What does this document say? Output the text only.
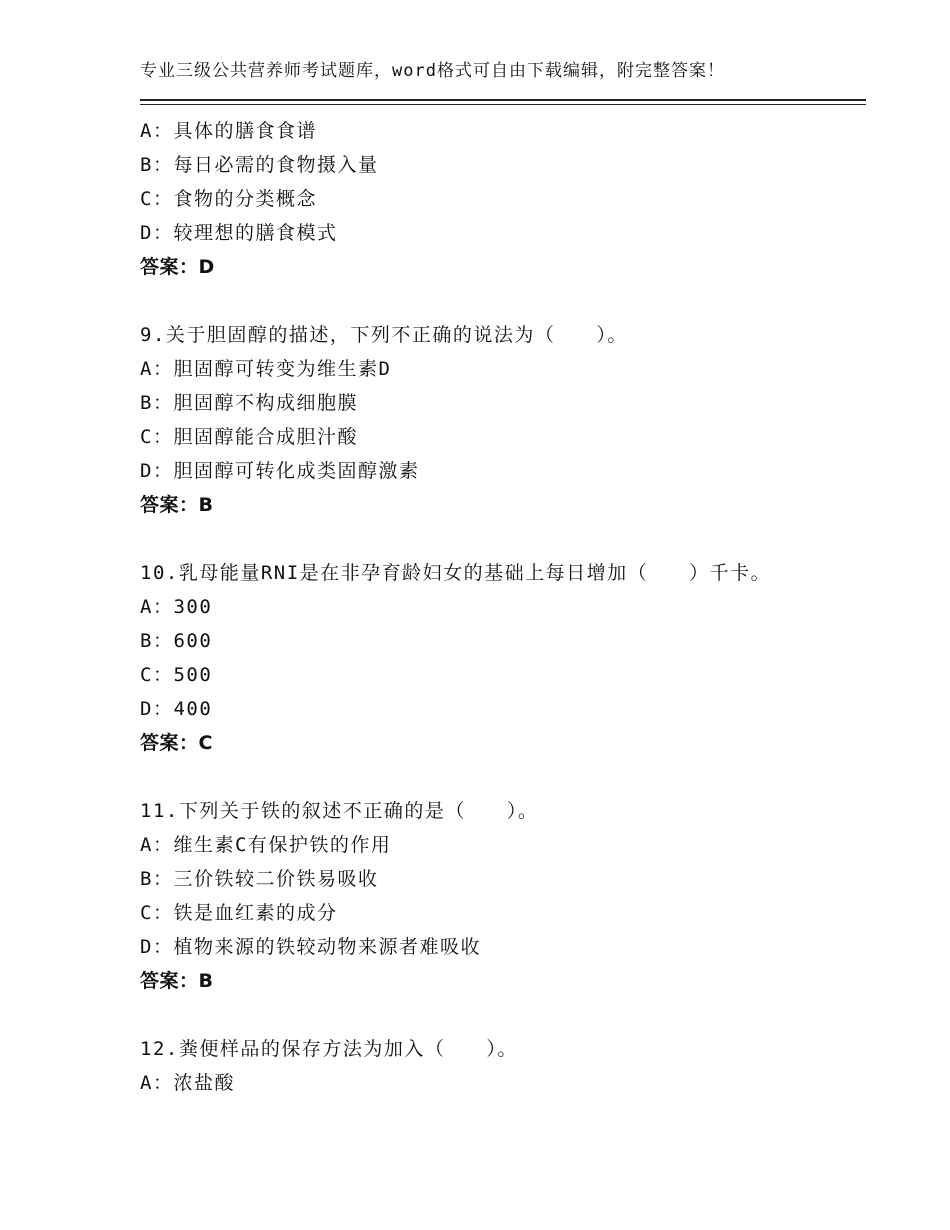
专业三级公共营养师考试题库，word格式可自由下载编辑，附完整答案！
A：具体的膳食食谱
B：每日必需的食物摄入量
C：食物的分类概念
D：较理想的膳食模式
答案：D
9.关于胆固醇的描述，下列不正确的说法为（　　）。
A：胆固醇可转变为维生素D
B：胆固醇不构成细胞膜
C：胆固醇能合成胆汁酸
D：胆固醇可转化成类固醇激素
答案：B
10.乳母能量RNI是在非孕育龄妇女的基础上每日增加（　　）千卡。
A：300
B：600
C：500
D：400
答案：C
11.下列关于铁的叙述不正确的是（　　）。
A：维生素C有保护铁的作用
B：三价铁较二价铁易吸收
C：铁是血红素的成分
D：植物来源的铁较动物来源者难吸收
答案：B
12.粪便样品的保存方法为加入（　　）。
A：浓盐酸
